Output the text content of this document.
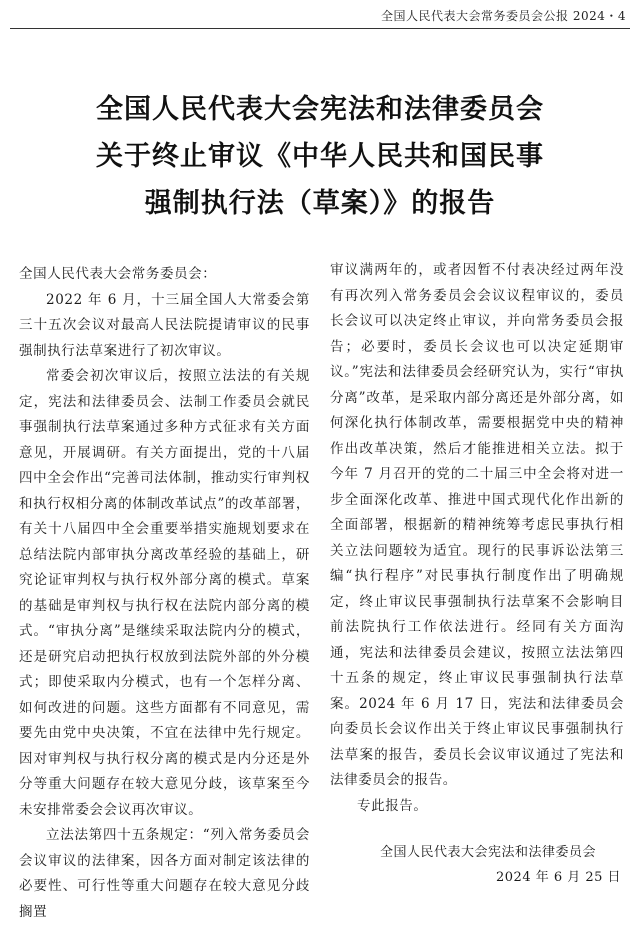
全国人民代表大会常务委员会公报 2024・4
全国人民代表大会宪法和法律委员会
关于终止审议《中华人民共和国民事
强制执行法（草案）》的报告

全国人民代表大会常务委员会：

2022 年 6 月，十三届全国人大常委会第三十五次会议对最高人民法院提请审议的民事强制执行法草案进行了初次审议。

常委会初次审议后，按照立法法的有关规定，宪法和法律委员会、法制工作委员会就民事强制执行法草案通过多种方式征求有关方面意见，开展调研。有关方面提出，党的十八届四中全会作出“完善司法体制，推动实行审判权和执行权相分离的体制改革试点”的改革部署，有关十八届四中全会重要举措实施规划要求在总结法院内部审执分离改革经验的基础上，研究论证审判权与执行权外部分离的模式。草案的基础是审判权与执行权在法院内部分离的模式。“审执分离”是继续采取法院内分的模式，还是研究启动把执行权放到法院外部的外分模式；即使采取内分模式，也有一个怎样分离、如何改进的问题。这些方面都有不同意见，需要先由党中央决策，不宜在法律中先行规定。因对审判权与执行权分离的模式是内分还是外分等重大问题存在较大意见分歧，该草案至今未安排常委会会议再次审议。

立法法第四十五条规定：“列入常务委员会会议审议的法律案，因各方面对制定该法律的必要性、可行性等重大问题存在较大意见分歧搁置

审议满两年的，或者因暂不付表决经过两年没有再次列入常务委员会会议议程审议的，委员长会议可以决定终止审议，并向常务委员会报告；必要时，委员长会议也可以决定延期审议。”宪法和法律委员会经研究认为，实行“审执分离”改革，是采取内部分离还是外部分离，如何深化执行体制改革，需要根据党中央的精神作出改革决策，然后才能推进相关立法。拟于今年 7 月召开的党的二十届三中全会将对进一步全面深化改革、推进中国式现代化作出新的全面部署，根据新的精神统筹考虑民事执行相关立法问题较为适宜。现行的民事诉讼法第三编“执行程序”对民事执行制度作出了明确规定，终止审议民事强制执行法草案不会影响目前法院执行工作依法进行。经同有关方面沟通，宪法和法律委员会建议，按照立法法第四十五条的规定，终止审议民事强制执行法草案。2024 年 6 月 17 日，宪法和法律委员会向委员长会议作出关于终止审议民事强制执行法草案的报告，委员长会议审议通过了宪法和法律委员会的报告。

专此报告。

全国人民代表大会宪法和法律委员会
2024 年 6 月 25 日
